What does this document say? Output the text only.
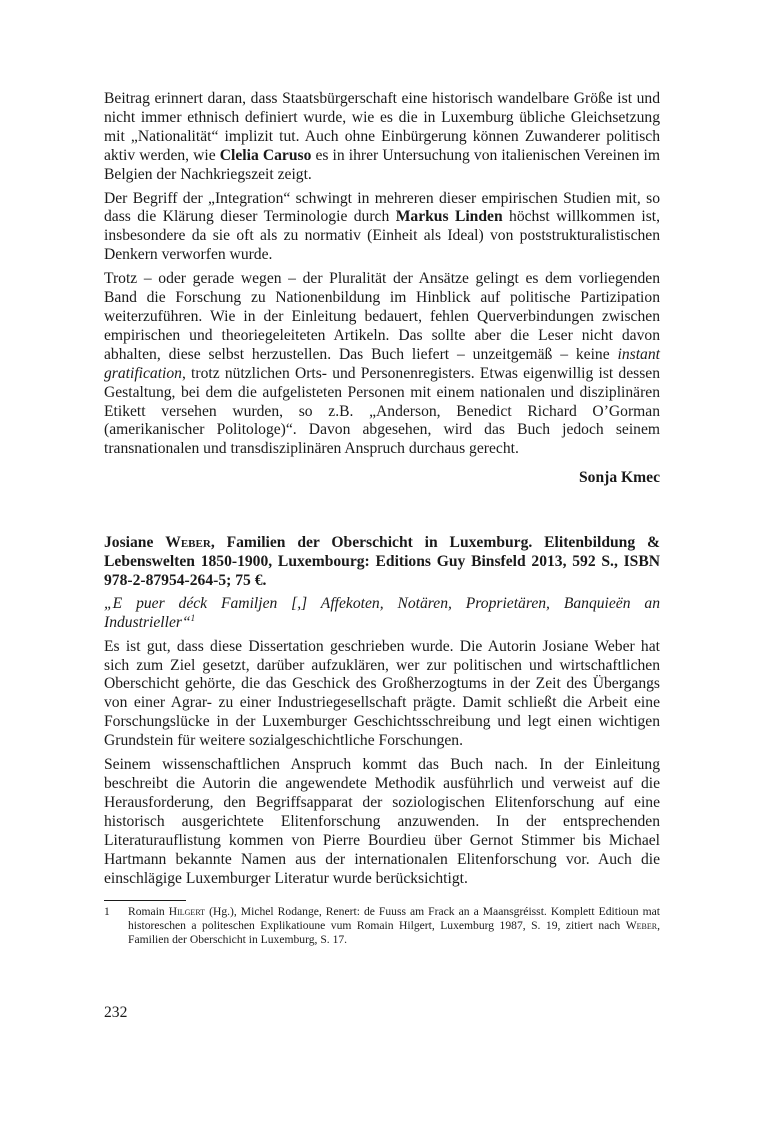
Beitrag erinnert daran, dass Staatsbürgerschaft eine historisch wandelbare Größe ist und nicht immer ethnisch definiert wurde, wie es die in Luxemburg übliche Gleichsetzung mit „Nationalität“ implizit tut. Auch ohne Einbürgerung können Zuwanderer politisch aktiv werden, wie Clelia Caruso es in ihrer Untersuchung von italienischen Vereinen im Belgien der Nachkriegszeit zeigt.

Der Begriff der „Integration“ schwingt in mehreren dieser empirischen Studien mit, so dass die Klärung dieser Terminologie durch Markus Linden höchst willkommen ist, insbesondere da sie oft als zu normativ (Einheit als Ideal) von poststrukturalistischen Denkern verworfen wurde.

Trotz – oder gerade wegen – der Pluralität der Ansätze gelingt es dem vorliegenden Band die Forschung zu Nationenbildung im Hinblick auf politische Partizipation weiterzuführen. Wie in der Einleitung bedauert, fehlen Querverbindungen zwischen empirischen und theoriegeleiteten Artikeln. Das sollte aber die Leser nicht davon abhalten, diese selbst herzustellen. Das Buch liefert – unzeitgemäß – keine instant gratification, trotz nützlichen Orts- und Personenregisters. Etwas eigenwillig ist dessen Gestaltung, bei dem die aufgelisteten Personen mit einem nationalen und disziplinären Etikett versehen wurden, so z.B. „Anderson, Benedict Richard O’Gorman (amerikanischer Politologe)“. Davon abgesehen, wird das Buch jedoch seinem transnationalen und transdisziplinären Anspruch durchaus gerecht.

Sonja Kmec
Josiane Weber, Familien der Oberschicht in Luxemburg. Elitenbildung & Lebenswelten 1850-1900, Luxembourg: Editions Guy Binsfeld 2013, 592 S., ISBN 978-2-87954-264-5; 75 €.

„E puer déck Familjen [,] Affekoten, Notären, Proprietären, Banquieën an Industrieller“$^1$

Es ist gut, dass diese Dissertation geschrieben wurde. Die Autorin Josiane Weber hat sich zum Ziel gesetzt, darüber aufzuklären, wer zur politischen und wirtschaftlichen Oberschicht gehörte, die das Geschick des Großherzogtums in der Zeit des Übergangs von einer Agrar- zu einer Industriegesellschaft prägte. Damit schließt die Arbeit eine Forschungslücke in der Luxemburger Geschichtsschreibung und legt einen wichtigen Grundstein für weitere sozialgeschichtliche Forschungen.

Seinem wissenschaftlichen Anspruch kommt das Buch nach. In der Einleitung beschreibt die Autorin die angewendete Methodik ausführlich und verweist auf die Herausforderung, den Begriffsapparat der soziologischen Elitenforschung auf eine historisch ausgerichtete Elitenforschung anzuwenden. In der entsprechenden Literaturauflistung kommen von Pierre Bourdieu über Gernot Stimmer bis Michael Hartmann bekannte Namen aus der internationalen Elitenforschung vor. Auch die einschlägige Luxemburger Literatur wurde berücksichtigt.

1	Romain Hilgert (Hg.), Michel Rodange, Renert: de Fuuss am Frack an a Maansgréisst. Komplett Editioun mat historeschen a politeschen Explikatioune vum Romain Hilgert, Luxemburg 1987, S. 19, zitiert nach Weber, Familien der Oberschicht in Luxemburg, S. 17.
232
